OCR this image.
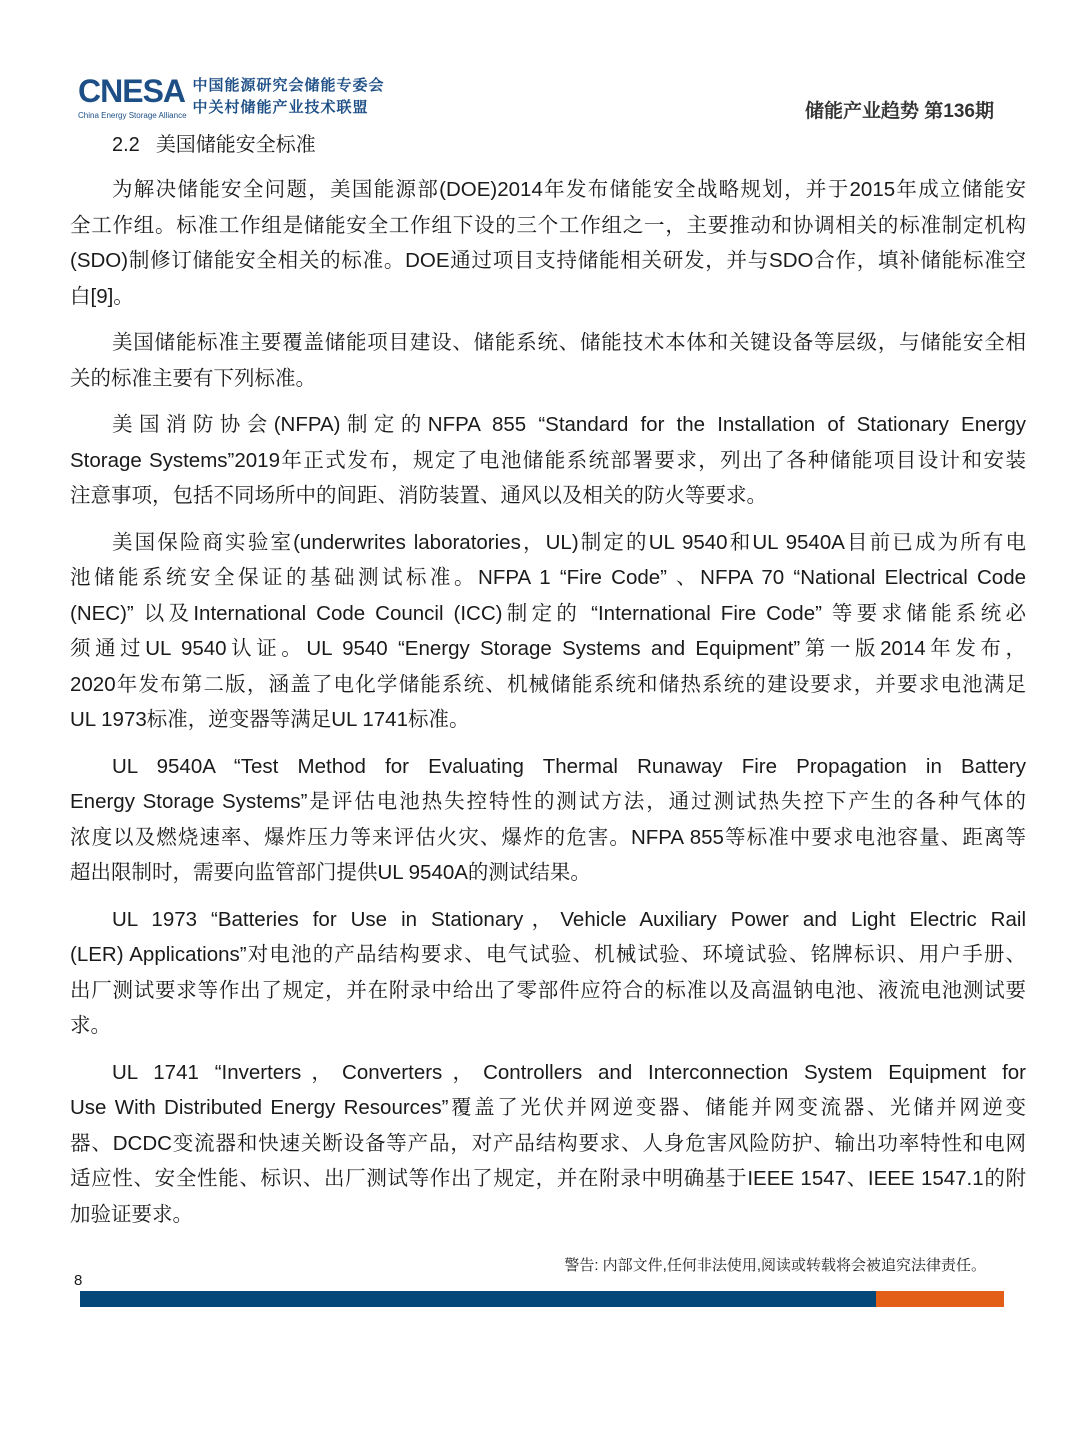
CNESA
China Energy Storage Alliance
中国能源研究会储能专委会
中关村储能产业技术联盟	储能产业趋势 第136期
2.2 美国储能安全标准
为解决储能安全问题，美国能源部(DOE)2014年发布储能安全战略规划，并于2015年成立储能安
全工作组。标准工作组是储能安全工作组下设的三个工作组之一，主要推动和协调相关的标准制定机构
(SDO)制修订储能安全相关的标准。DOE通过项目支持储能相关研发，并与SDO合作，填补储能标准空
白[9]。
美国储能标准主要覆盖储能项目建设、储能系统、储能技术本体和关键设备等层级，与储能安全相
关的标准主要有下列标准。
美国消防协会(NFPA)制定的NFPA 855 “Standard for the Installation of Stationary Energy
Storage Systems”2019年正式发布，规定了电池储能系统部署要求，列出了各种储能项目设计和安装
注意事项，包括不同场所中的间距、消防装置、通风以及相关的防火等要求。
美国保险商实验室(underwrites laboratories，UL)制定的UL 9540和UL 9540A目前已成为所有电
池储能系统安全保证的基础测试标准。NFPA 1 “Fire Code” 、NFPA 70 “National Electrical Code
(NEC)” 以及International Code Council (ICC)制定的 “International Fire Code” 等要求储能系统必
须通过UL 9540认证。UL 9540 “Energy Storage Systems and Equipment”第一版2014年发布，
2020年发布第二版，涵盖了电化学储能系统、机械储能系统和储热系统的建设要求，并要求电池满足
UL 1973标准，逆变器等满足UL 1741标准。
UL 9540A “Test Method for Evaluating Thermal Runaway Fire Propagation in Battery
Energy Storage Systems”是评估电池热失控特性的测试方法，通过测试热失控下产生的各种气体的
浓度以及燃烧速率、爆炸压力等来评估火灾、爆炸的危害。NFPA 855等标准中要求电池容量、距离等
超出限制时，需要向监管部门提供UL 9540A的测试结果。
UL 1973 “Batteries for Use in Stationary，Vehicle Auxiliary Power and Light Electric Rail
(LER) Applications”对电池的产品结构要求、电气试验、机械试验、环境试验、铭牌标识、用户手册、
出厂测试要求等作出了规定，并在附录中给出了零部件应符合的标准以及高温钠电池、液流电池测试要
求。
UL 1741 “Inverters，Converters，Controllers and Interconnection System Equipment for
Use With Distributed Energy Resources”覆盖了光伏并网逆变器、储能并网变流器、光储并网逆变
器、DCDC变流器和快速关断设备等产品，对产品结构要求、人身危害风险防护、输出功率特性和电网
适应性、安全性能、标识、出厂测试等作出了规定，并在附录中明确基于IEEE 1547、IEEE 1547.1的附
加验证要求。
警告: 内部文件,任何非法使用,阅读或转载将会被追究法律责任。
8
